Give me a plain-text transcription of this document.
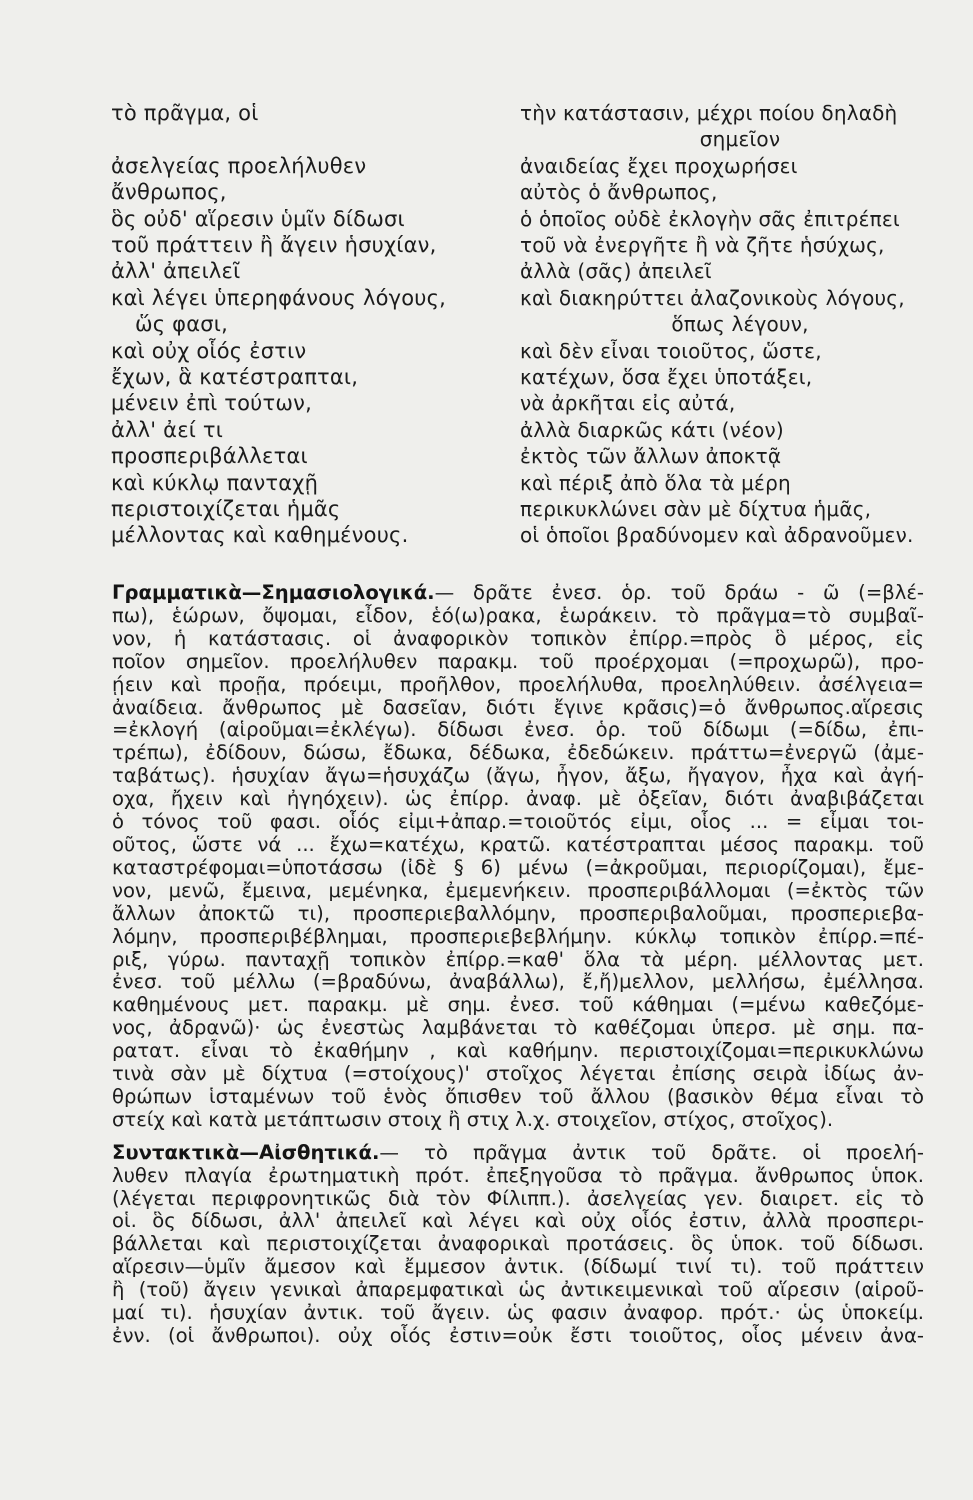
τὸ πρᾶγμα, οἱ
ἀσελγείας προελήλυθεν
ἄνθρωπος,
ὃς οὐδ' αἵρεσιν ὑμῖν δίδωσι
τοῦ πράττειν ἢ ἄγειν ἡσυχίαν,
ἀλλ' ἀπειλεῖ
καὶ λέγει ὑπερηφάνους λόγους,
ὥς φασι,
καὶ οὐχ οἷός ἐστιν
ἔχων, ἃ κατέστραπται,
μένειν ἐπὶ τούτων,
ἀλλ' ἀεί τι
προσπεριβάλλεται
καὶ κύκλῳ πανταχῇ
περιστοιχίζεται ἡμᾶς
μέλλοντας καὶ καθημένους.
τὴν κατάστασιν, μέχρι ποίου δηλαδὴ
σημεῖον
ἀναιδείας ἔχει προχωρήσει
αὐτὸς ὁ ἄνθρωπος,
ὁ ὁποῖος οὐδὲ ἐκλογὴν σᾶς ἐπιτρέπει
τοῦ νὰ ἐνεργῆτε ἢ νὰ ζῆτε ἡσύχως,
ἀλλὰ (σᾶς) ἀπειλεῖ
καὶ διακηρύττει ἀλαζονικοὺς λόγους,
ὅπως λέγουν,
καὶ δὲν εἶναι τοιοῦτος, ὥστε,
κατέχων, ὅσα ἔχει ὑποτάξει,
νὰ ἀρκῆται εἰς αὐτά,
ἀλλὰ διαρκῶς κάτι (νέον)
ἐκτὸς τῶν ἄλλων ἀποκτᾷ
καὶ πέριξ ἀπὸ ὅλα τὰ μέρη
περικυκλώνει σὰν μὲ δίχτυα ἡμᾶς,
οἱ ὁποῖοι βραδύνομεν καὶ ἀδρανοῦμεν.
Γραμματικὰ—Σημασιολογικά.— δρᾶτε ἐνεσ. ὁρ. τοῦ δράω - ῶ (=βλέ-
πω), ἑώρων, ὄψομαι, εἶδον, ἑό(ω)ρακα, ἑωράκειν. τὸ πρᾶγμα=τὸ συμβαῖ-
νον, ἡ κατάστασις. οἱ ἀναφορικὸν τοπικὸν ἐπίρρ.=πρὸς ὃ μέρος, εἰς
ποῖον σημεῖον. προελήλυθεν παρακμ. τοῦ προέρχομαι (=προχωρῶ), προ-
ῄειν καὶ προῇα, πρόειμι, προῆλθον, προελήλυθα, προεληλύθειν. ἀσέλγεια=
ἀναίδεια. ἄνθρωπος μὲ δασεῖαν, διότι ἔγινε κρᾶσις)=ὁ ἄνθρωπος.αἵρεσις
=ἐκλογή (αἱροῦμαι=ἐκλέγω). δίδωσι ἐνεσ. ὁρ. τοῦ δίδωμι (=δίδω, ἐπι-
τρέπω), ἐδίδουν, δώσω, ἔδωκα, δέδωκα, ἐδεδώκειν. πράττω=ἐνεργῶ (ἀμε-
ταβάτως). ἡσυχίαν ἄγω=ἡσυχάζω (ἄγω, ἦγον, ἄξω, ἤγαγον, ἦχα καὶ ἀγή-
οχα, ἤχειν καὶ ἠγηόχειν). ὡς ἐπίρρ. ἀναφ. μὲ ὀξεῖαν, διότι ἀναβιβάζεται
ὁ τόνος τοῦ φασι. οἷός εἰμι+ἀπαρ.=τοιοῦτός εἰμι, οἷος ... = εἶμαι τοι-
οῦτος, ὥστε νά ... ἔχω=κατέχω, κρατῶ. κατέστραπται μέσος παρακμ. τοῦ
καταστρέφομαι=ὑποτάσσω (ἰδὲ § 6) μένω (=ἀκροῦμαι, περιορίζομαι), ἔμε-
νον, μενῶ, ἔμεινα, μεμένηκα, ἐμεμενήκειν. προσπεριβάλλομαι (=ἐκτὸς τῶν
ἄλλων ἀποκτῶ τι), προσπεριεβαλλόμην, προσπεριβαλοῦμαι, προσπεριεβα-
λόμην, προσπεριβέβλημαι, προσπεριεβεβλήμην. κύκλῳ τοπικὸν ἐπίρρ.=πέ-
ριξ, γύρω. πανταχῇ τοπικὸν ἐπίρρ.=καθ' ὅλα τὰ μέρη. μέλλοντας μετ.
ἐνεσ. τοῦ μέλλω (=βραδύνω, ἀναβάλλω), ἔ,ἤ)μελλον, μελλήσω, ἐμέλλησα.
καθημένους μετ. παρακμ. μὲ σημ. ἐνεσ. τοῦ κάθημαι (=μένω καθεζόμε-
νος, ἀδρανῶ)· ὡς ἐνεστὼς λαμβάνεται τὸ καθέζομαι ὑπερσ. μὲ σημ. πα-
ρατατ. εἶναι τὸ ἐκαθήμην , καὶ καθήμην. περιστοιχίζομαι=περικυκλώνω
τινὰ σὰν μὲ δίχτυα (=στοίχους)' στοῖχος λέγεται ἐπίσης σειρὰ ἰδίως ἀν-
θρώπων ἱσταμένων τοῦ ἑνὸς ὄπισθεν τοῦ ἄλλου (βασικὸν θέμα εἶναι τὸ
στείχ καὶ κατὰ μετάπτωσιν στοιχ ἢ στιχ λ.χ. στοιχεῖον, στίχος, στοῖχος).
Συντακτικὰ—Αἰσθητικά.— τὸ πρᾶγμα ἀντικ τοῦ δρᾶτε. οἱ προελή-
λυθεν πλαγία ἐρωτηματικὴ πρότ. ἐπεξηγοῦσα τὸ πρᾶγμα. ἄνθρωπος ὑποκ.
(λέγεται περιφρονητικῶς διὰ τὸν Φίλιππ.). ἀσελγείας γεν. διαιρετ. εἰς τὸ
οἱ. ὃς δίδωσι, ἀλλ' ἀπειλεῖ καὶ λέγει καὶ οὐχ οἷός ἐστιν, ἀλλὰ προσπερι-
βάλλεται καὶ περιστοιχίζεται ἀναφορικαὶ προτάσεις. ὃς ὑποκ. τοῦ δίδωσι.
αἵρεσιν—ὑμῖν ἄμεσον καὶ ἔμμεσον ἀντικ. (δίδωμί τινί τι). τοῦ πράττειν
ἢ (τοῦ) ἄγειν γενικαὶ ἀπαρεμφατικαὶ ὡς ἀντικειμενικαὶ τοῦ αἵρεσιν (αἱροῦ-
μαί τι). ἡσυχίαν ἀντικ. τοῦ ἄγειν. ὡς φασιν ἀναφορ. πρότ.· ὡς ὑποκείμ.
ἐνν. (οἱ ἄνθρωποι). οὐχ οἷός ἐστιν=οὐκ ἔστι τοιοῦτος, οἷος μένειν ἀνα-
